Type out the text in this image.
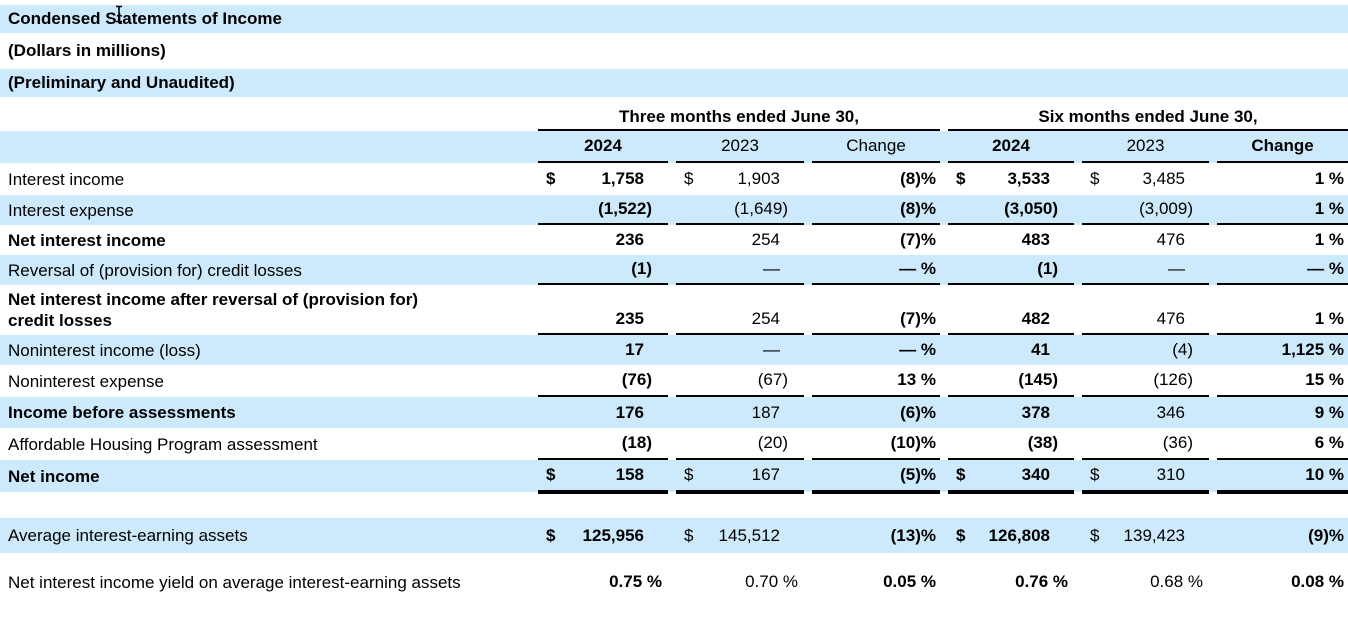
Condensed Statements of Income
(Dollars in millions)
(Preliminary and Unaudited)
Three months ended June 30,	Six months ended June 30,
2024	2023	Change	2024	2023	Change
Interest income	$	1,758	$	1,903	(8)%	$	3,533	$	3,485	1 %
Interest expense	(1,522)	(1,649)	(8)%	(3,050)	(3,009)	1 %
Net interest income	236	254	(7)%	483	476	1 %
Reversal of (provision for) credit losses	(1)	—	— %	(1)	—	— %
Net interest income after reversal of (provision for) credit losses	235	254	(7)%	482	476	1 %
Noninterest income (loss)	17	—	— %	41	(4)	1,125 %
Noninterest expense	(76)	(67)	13 %	(145)	(126)	15 %
Income before assessments	176	187	(6)%	378	346	9 %
Affordable Housing Program assessment	(18)	(20)	(10)%	(38)	(36)	6 %
Net income	$	158	$	167	(5)%	$	340	$	310	10 %
Average interest-earning assets	$	125,956	$	145,512	(13)%	$	126,808	$	139,423	(9)%
Net interest income yield on average interest-earning assets	0.75 %	0.70 %	0.05 %	0.76 %	0.68 %	0.08 %
